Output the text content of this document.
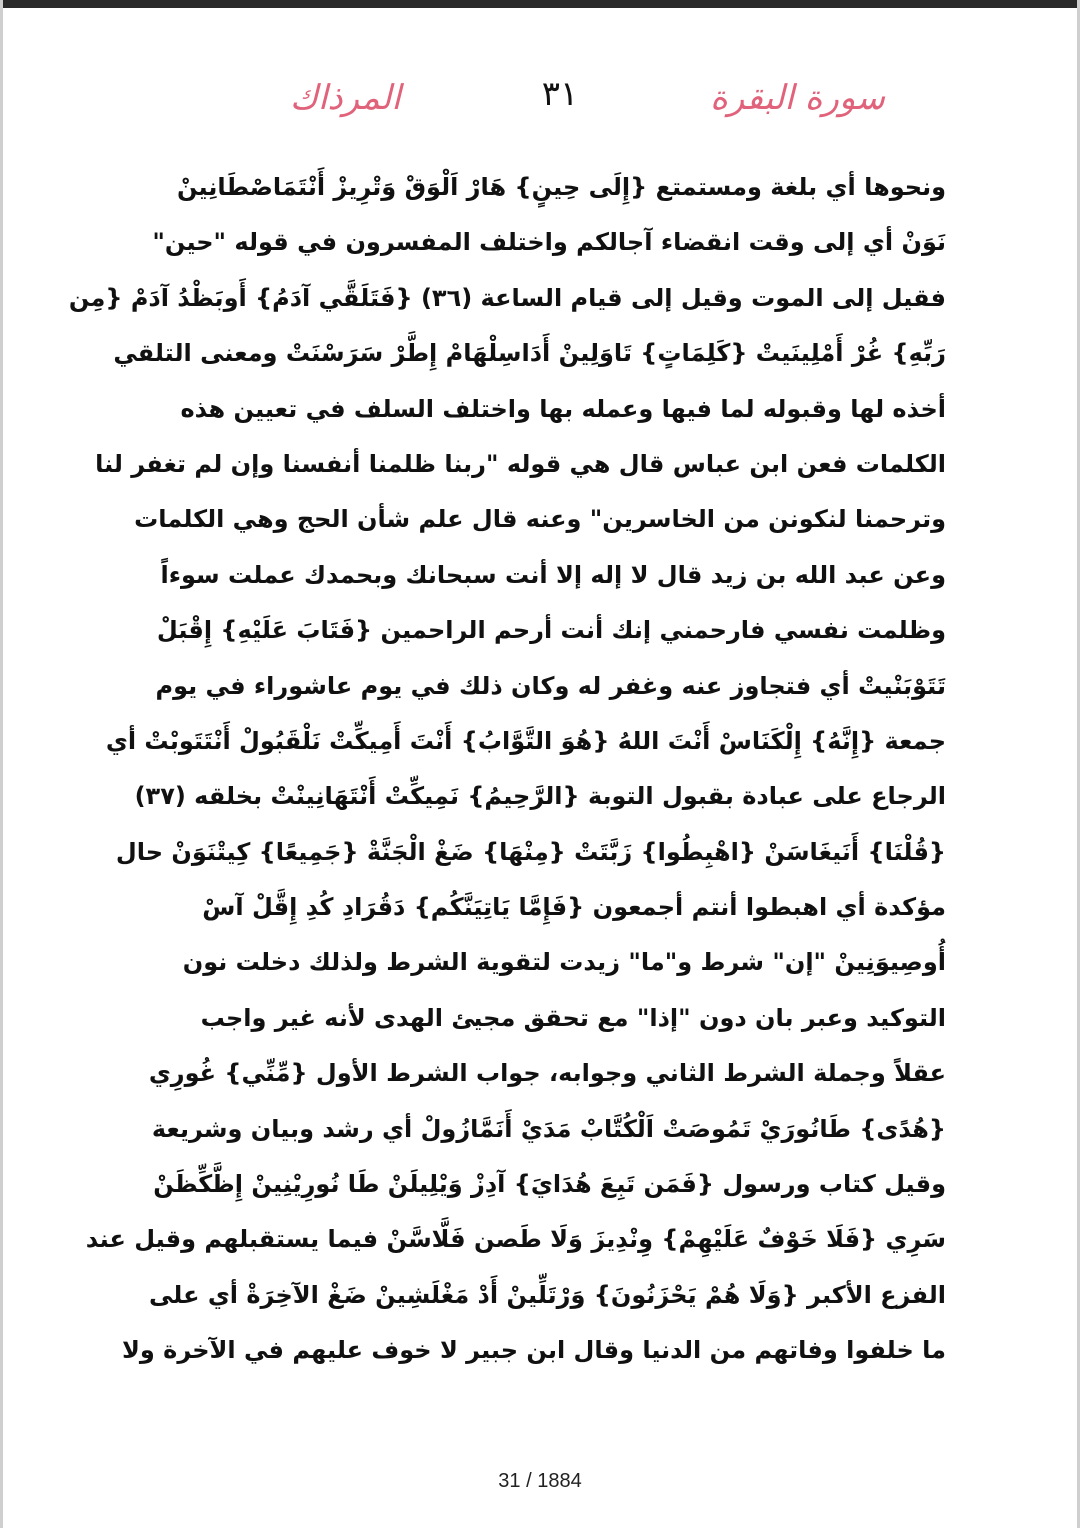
سورة البقرة
٣١
المرذاك
ونحوها أي بلغة ومستمتع {إِلَى حِينٍ} هَارْ اَلْوَقْ وَتْرِيزْ أَنْتَمَاصْطَانِينْ
نَوَنْ أي إلى وقت انقضاء آجالكم واختلف المفسرون في قوله "حين"
فقيل إلى الموت وقيل إلى قيام الساعة (٣٦) {فَتَلَقَّي آدَمُ} أَوبَظْدُ آدَمْ {مِن
رَبِّهِ} غُرْ أَمْلِينَيتْ {كَلِمَاتٍ} تَاوَلِينْ أَدَاسِلْهَامْ إِطَّرْ سَرَسْنَتْ ومعنى التلقي
أخذه لها وقبوله لما فيها وعمله بها واختلف السلف في تعيين هذه
الكلمات فعن ابن عباس قال هي قوله "ربنا ظلمنا أنفسنا وإن لم تغفر لنا
وترحمنا لنكونن من الخاسرين" وعنه قال علم شأن الحج وهي الكلمات
وعن عبد الله بن زيد قال لا إله إلا أنت سبحانك وبحمدك عملت سوءاً
وظلمت نفسي فارحمني إنك أنت أرحم الراحمين {فَتَابَ عَلَيْهِ} إِقْبَلْ
تَتَوْبَنْيتْ أي فتجاوز عنه وغفر له وكان ذلك في يوم عاشوراء في يوم
جمعة {إِنَّهُ} إِلْكَنَاسْ أَنْتَ اللهُ {هُوَ التَّوَّابُ} أَنْتَ أَمِيكِّتْ نَلْقَبُولْ أَنْتَتَوبْتْ أي
الرجاع على عبادة بقبول التوبة {الرَّحِيمُ} نَمِيكِّتْ أَنْتَهَانِينْتْ بخلقه (٣٧)
{قُلْنَا} أَنَيغَاسَنْ {اهْبِطُوا} زَبَّتَتْ {مِنْهَا} ضَغْ الْجَنَّةْ {جَمِيعًا} كِيتْنَوَنْ حال
مؤكدة أي اهبطوا أنتم أجمعون {فَإِمَّا يَاتِيَنَّكُم} دَقُرَادِ كُدِ إِقَّلْ آسْ
أُوصِيوَنِينْ "إن" شرط و"ما" زيدت لتقوية الشرط ولذلك دخلت نون
التوكيد وعبر بان دون "إذا" مع تحقق مجيئ الهدى لأنه غير واجب
عقلاً وجملة الشرط الثاني وجوابه، جواب الشرط الأول {مِّنِّي} غُورِي
{هُدًى} طَانُورَيْ تَمُوصَتْ اَلْكُتَّابْ مَدَيْ أَنَمَّازُولْ أي رشد وبيان وشريعة
وقيل كتاب ورسول {فَمَن تَبِعَ هُدَايَ} آدِزْ وَيْلِيلَنْ طَا نُورِيْنِينْ إِظَّكِّظَنْ
سَرِي {فَلَا خَوْفٌ عَلَيْهِمْ} وِنْدِيزَ وَلَا طَصن فَلَّاسَّنْ فيما يستقبلهم وقيل عند
الفزع الأكبر {وَلَا هُمْ يَحْزَنُونَ} وَرْتَلِّينْ أَدْ مَغْلَشِينْ ضَغْ الآخِرَةْ أي على
ما خلفوا وفاتهم من الدنيا وقال ابن جبير لا خوف عليهم في الآخرة ولا
31 / 1884
